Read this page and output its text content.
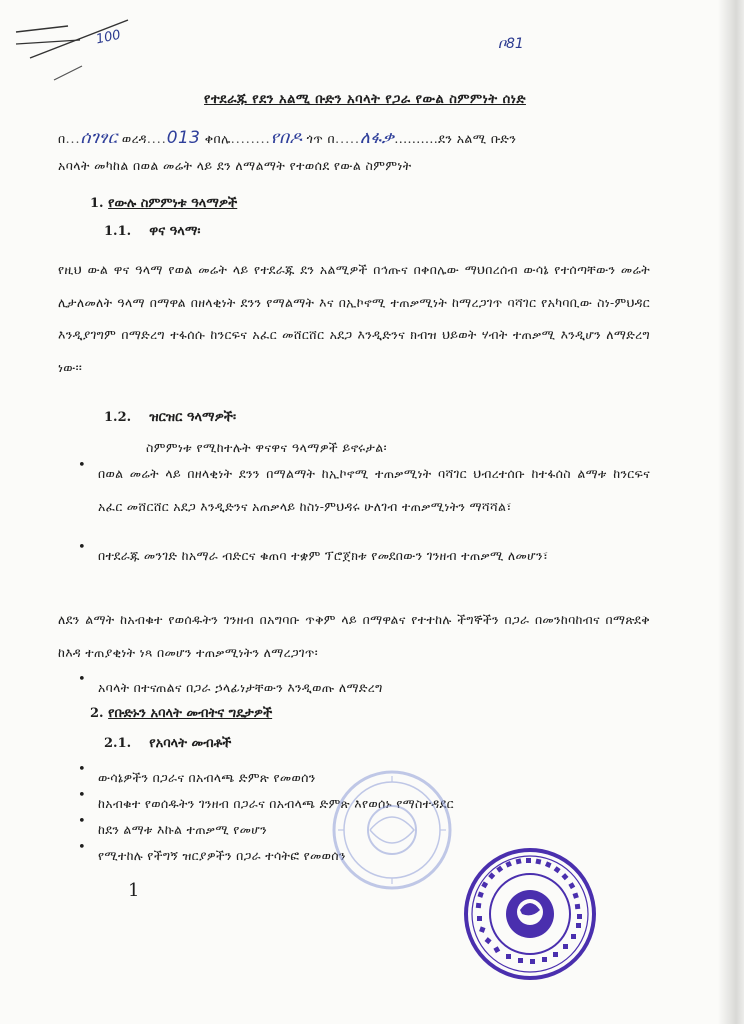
100	ቦ81
የተደራጁ የደን አልሚ ቡድን አባላት የጋራ የውል ስምምነት ሰነድ
በ...ሰገፃር ወረዳ....013 ቀበሌ........የበዶ ጎጥ በ.....ለፋቃ..........ደን አልሚ ቡድን
አባላት መካከል በወል መሬት ላይ ደን ለማልማት የተወሰደ የውል ስምምነት
1. የውሉ ስምምነቱ ዓላማዎች
1.1. ዋና ዓላማ፡
የዚህ ውል ዋና ዓላማ የወል መሬት ላይ የተደራጁ ደን አልሚዎች በኅጡና በቀበሌው ማህበረሰብ ውሳኔ የተሰጣቸውን መሬት ሊታለመለት ዓላማ በማዋል በዘላቂነት ደንን የማልማት እና በኢኮኖሚ ተጠቃሚነት ከማረጋገጥ ባሻገር የአካባቢው ስነ-ምህዳር እንዲያገግም በማድረግ ተፋሰሱ ከንርፍና አፈር መሸርሸር አደጋ እንዲድንና ክብዝ ህይወት ሃብት ተጠቃሚ እንዲሆን ለማድረግ ነው፡፡
1.2. ዝርዝር ዓላማዎች፡
ስምምነቱ የሚከተሉት ዋናዋና ዓላማዎች ይኖሩታል፡
•
በወል መሬት ላይ በዘላቂነት ደንን በማልማት ከኢኮኖሚ ተጠቃሚነት ባሻገር ህብረተሰቡ ከተፋሰስ ልማቱ ከንርፍና አፈር መሸርሸር አደጋ እንዲድንና አጠቃላይ ከስነ-ምህዳሩ ሁለገብ ተጠቃሚነትን ማሻሻል፣
•
በተደራጁ መንገድ ከአማራ ብድርና ቁጠባ ተቋም ፕሮጀክቱ የመደበውን ገንዘብ ተጠቃሚ ለመሆን፣
ለደን ልማት ከአብቁተ የወሰዱትን ገንዘብ በአግባቡ ጥቅም ላይ በማዋልና የተተከሉ ችግኞችን በጋራ በመንከባከብና በማጽደቅ ከእዳ ተጠያቂነት ነጻ በመሆን ተጠቃሚነትን ለማረጋገጥ፡
•
አባላት በተናጠልና በጋራ ኃላፊነታቸውን እንዲወጡ ለማድረግ
2. የቡድኑን አባላት መብትና ግዴታዎች
2.1. የአባላት መብቶች
•
ውሳኔዎችን በጋራና በአብላጫ ድምጽ የመወሰን
•
ከአብቁተ የወሰዱትን ገንዘብ በጋራና በአብላጫ ድምጽ እየወሰኑ የማስተዳደር
•
ከደን ልማቱ እኩል ተጠቃሚ የመሆን
•
የሚተከሉ የችግኝ ዝርያዎችን በጋራ ተሳትፎ የመወሰን
1
